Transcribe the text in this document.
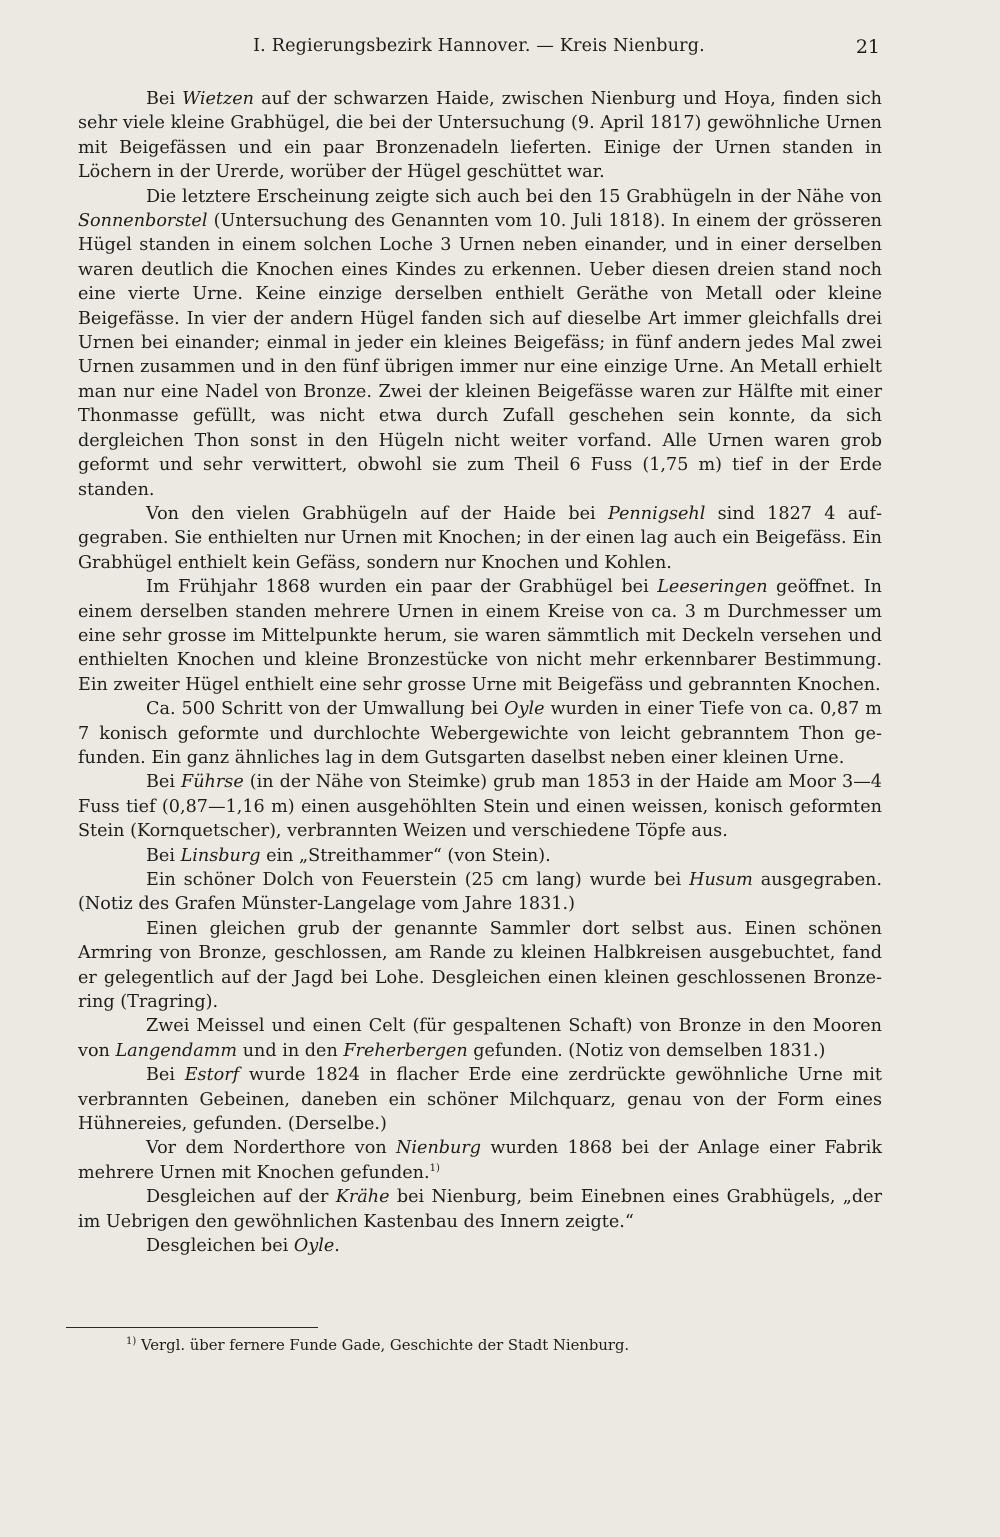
I. Regierungsbezirk Hannover. — Kreis Nienburg.	21

Bei Wietzen auf der schwarzen Haide, zwischen Nienburg und Hoya, finden sich sehr viele kleine Grabhügel, die bei der Untersuchung (9. April 1817) gewöhnliche Urnen mit Beigefässen und ein paar Bronzenadeln lieferten. Einige der Urnen standen in Löchern in der Urerde, worüber der Hügel geschüttet war.

Die letztere Erscheinung zeigte sich auch bei den 15 Grabhügeln in der Nähe von Sonnenborstel (Untersuchung des Genannten vom 10. Juli 1818). In einem der grösseren Hügel standen in einem solchen Loche 3 Urnen neben einander, und in einer derselben waren deutlich die Knochen eines Kindes zu erkennen. Ueber diesen dreien stand noch eine vierte Urne. Keine einzige derselben enthielt Geräthe von Metall oder kleine Beigefässe. In vier der andern Hügel fanden sich auf dieselbe Art immer gleichfalls drei Urnen bei einander; einmal in jeder ein kleines Beigefäss; in fünf andern jedes Mal zwei Urnen zusammen und in den fünf übrigen immer nur eine einzige Urne. An Metall erhielt man nur eine Nadel von Bronze. Zwei der kleinen Beigefässe waren zur Hälfte mit einer Thonmasse gefüllt, was nicht etwa durch Zufall geschehen sein konnte, da sich dergleichen Thon sonst in den Hügeln nicht weiter vorfand. Alle Urnen waren grob geformt und sehr verwittert, obwohl sie zum Theil 6 Fuss (1,75 m) tief in der Erde standen.

Von den vielen Grabhügeln auf der Haide bei Pennigsehl sind 1827 4 aufgegraben. Sie enthielten nur Urnen mit Knochen; in der einen lag auch ein Beigefäss. Ein Grabhügel enthielt kein Gefäss, sondern nur Knochen und Kohlen.

Im Frühjahr 1868 wurden ein paar der Grabhügel bei Leeseringen geöffnet. In einem derselben standen mehrere Urnen in einem Kreise von ca. 3 m Durchmesser um eine sehr grosse im Mittelpunkte herum, sie waren sämmtlich mit Deckeln versehen und enthielten Knochen und kleine Bronzestücke von nicht mehr erkennbarer Bestimmung. Ein zweiter Hügel enthielt eine sehr grosse Urne mit Beigefäss und gebrannten Knochen.

Ca. 500 Schritt von der Umwallung bei Oyle wurden in einer Tiefe von ca. 0,87 m 7 konisch geformte und durchlochte Webergewichte von leicht gebranntem Thon gefunden. Ein ganz ähnliches lag in dem Gutsgarten daselbst neben einer kleinen Urne.

Bei Führse (in der Nähe von Steimke) grub man 1853 in der Haide am Moor 3—4 Fuss tief (0,87—1,16 m) einen ausgehöhlten Stein und einen weissen, konisch geformten Stein (Kornquetscher), verbrannten Weizen und verschiedene Töpfe aus.

Bei Linsburg ein „Streithammer“ (von Stein).

Ein schöner Dolch von Feuerstein (25 cm lang) wurde bei Husum ausgegraben. (Notiz des Grafen Münster-Langelage vom Jahre 1831.)

Einen gleichen grub der genannte Sammler dort selbst aus. Einen schönen Armring von Bronze, geschlossen, am Rande zu kleinen Halbkreisen ausgebuchtet, fand er gelegentlich auf der Jagd bei Lohe. Desgleichen einen kleinen geschlossenen Bronzering (Tragring).

Zwei Meissel und einen Celt (für gespaltenen Schaft) von Bronze in den Mooren von Langendamm und in den Freherbergen gefunden. (Notiz von demselben 1831.)

Bei Estorf wurde 1824 in flacher Erde eine zerdrückte gewöhnliche Urne mit verbrannten Gebeinen, daneben ein schöner Milchquarz, genau von der Form eines Hühnereies, gefunden. (Derselbe.)

Vor dem Norderthore von Nienburg wurden 1868 bei der Anlage einer Fabrik mehrere Urnen mit Knochen gefunden.$^{1)}$

Desgleichen auf der Krähe bei Nienburg, beim Einebnen eines Grabhügels, „der im Uebrigen den gewöhnlichen Kastenbau des Innern zeigte.“

Desgleichen bei Oyle.

$^{1)}$ Vergl. über fernere Funde Gade, Geschichte der Stadt Nienburg.
